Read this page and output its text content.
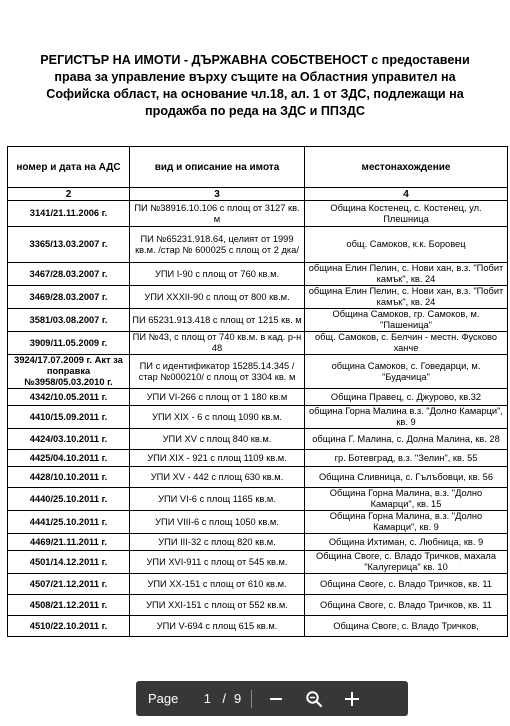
РЕГИСТЪР НА ИМОТИ - ДЪРЖАВНА СОБСТВЕНОСТ с предоставени
права за управление върху същите на Областния управител на
Софийска област, на основание чл.18, ал. 1 от ЗДС, подлежащи на
продажба по реда на ЗДС и ППЗДС
номер и дата на АДС	вид и описание на имота	местонахождение
2	3	4
3141/21.11.2006 г.	ПИ №38916.10.106 с площ от 3127 кв. м	Община Костенец, с. Костенец, ул. Плешница
3365/13.03.2007 г.	ПИ №65231.918.64, целият от 1999 кв.м. /стар № 600025 с площ от 2 дка/	общ. Самоков, к.к. Боровец
3467/28.03.2007 г.	УПИ I-90 с площ от 760 кв.м.	община Елин Пелин, с. Нови хан, в.з. "Побит камък", кв. 24
3469/28.03.2007 г.	УПИ XXXII-90 с площ от 800 кв.м.	община Елин Пелин, с. Нови хан, в.з. "Побит камък", кв. 24
3581/03.08.2007 г.	ПИ 65231.913.418 с площ от 1215 кв. м	Община Самоков, гр. Самоков, м. "Пашеница"
3909/11.05.2009 г.	ПИ №43, с площ от 740 кв.м. в кад. р-н 48	общ. Самоков, с. Белчин - местн. Фусково ханче
3924/17.07.2009 г. Акт за поправка №3958/05.03.2010 г.	ПИ с идентификатор 15285.14.345 /стар №000210/ с площ от 3304 кв. м	община Самоков, с. Говедарци, м. "Будачица"
4342/10.05.2011 г.	УПИ VI-266 с площ от 1 180 кв.м	Община Правец, с. Джурово, кв.32
4410/15.09.2011 г.	УПИ XIX - 6 с площ 1090 кв.м.	община Горна Малина в.з. "Долно Камарци", кв. 9
4424/03.10.2011 г.	УПИ XV с площ 840 кв.м.	община Г. Малина, с. Долна Малина, кв. 28
4425/04.10.2011 г.	УПИ XIX - 921 с площ 1109 кв.м.	гр. Ботевград, в.з. "Зелин", кв. 55
4428/10.10.2011 г.	УПИ XV - 442 с площ 630 кв.м.	Община Сливница, с. Гълъбовци, кв. 56
4440/25.10.2011 г.	УПИ VI-6 с площ 1165 кв.м.	Община Горна Малина, в.з. "Долно Камарци", кв. 15
4441/25.10.2011 г.	УПИ VIII-6 с площ 1050 кв.м.	Община Горна Малина, в.з. "Долно Камарци", кв. 9
4469/21.11.2011 г.	УПИ III-32 с площ 820 кв.м.	Община Ихтиман, с. Любница, кв. 9
4501/14.12.2011 г.	УПИ XVI-911 с площ от 545 кв.м.	Община Своге, с. Владо Тричков, махала "Калугерица" кв. 10
4507/21.12.2011 г.	УПИ XX-151 с площ от 610 кв.м.	Община Своге, с. Владо Тричков, кв. 11
4508/21.12.2011 г.	УПИ XXI-151 с площ от 552 кв.м.	Община Своге, с. Владо Тричков, кв. 11
4510/22.10.2011 г.	УПИ V-694 с площ 615 кв.м.	Община Своге, с. Владо Тричков,
Page 1 / 9
